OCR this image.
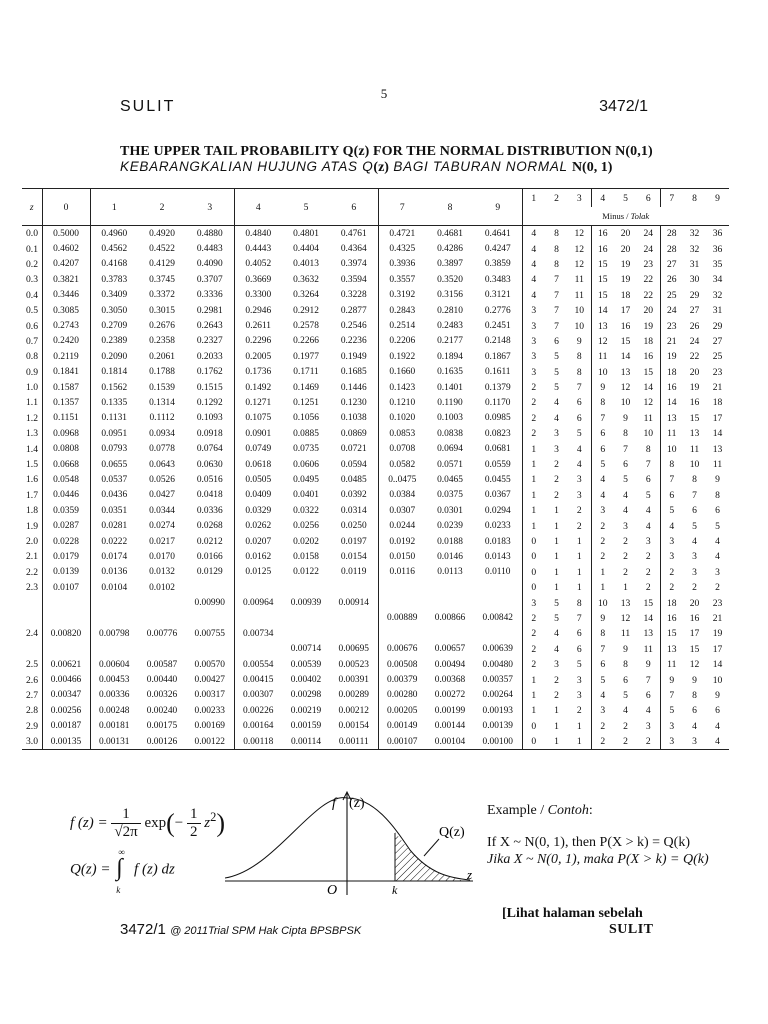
5
SULIT	3472/1
THE UPPER TAIL PROBABILITY Q(z) FOR THE NORMAL DISTRIBUTION N(0,1)
KEBARANGKALIAN HUJUNG ATAS Q(z) BAGI TABURAN NORMAL N(0, 1)
z	0	1	2	3	4	5	6	7	8	9	1	2	3	4	5	6	7	8	9
											Minus / Tolak								
0.0	0.5000	0.4960	0.4920	0.4880	0.4840	0.4801	0.4761	0.4721	0.4681	0.4641	4	8	12	16	20	24	28	32	36
0.1	0.4602	0.4562	0.4522	0.4483	0.4443	0.4404	0.4364	0.4325	0.4286	0.4247	4	8	12	16	20	24	28	32	36
0.2	0.4207	0.4168	0.4129	0.4090	0.4052	0.4013	0.3974	0.3936	0.3897	0.3859	4	8	12	15	19	23	27	31	35
0.3	0.3821	0.3783	0.3745	0.3707	0.3669	0.3632	0.3594	0.3557	0.3520	0.3483	4	7	11	15	19	22	26	30	34
0.4	0.3446	0.3409	0.3372	0.3336	0.3300	0.3264	0.3228	0.3192	0.3156	0.3121	4	7	11	15	18	22	25	29	32
0.5	0.3085	0.3050	0.3015	0.2981	0.2946	0.2912	0.2877	0.2843	0.2810	0.2776	3	7	10	14	17	20	24	27	31
0.6	0.2743	0.2709	0.2676	0.2643	0.2611	0.2578	0.2546	0.2514	0.2483	0.2451	3	7	10	13	16	19	23	26	29
0.7	0.2420	0.2389	0.2358	0.2327	0.2296	0.2266	0.2236	0.2206	0.2177	0.2148	3	6	9	12	15	18	21	24	27
0.8	0.2119	0.2090	0.2061	0.2033	0.2005	0.1977	0.1949	0.1922	0.1894	0.1867	3	5	8	11	14	16	19	22	25
0.9	0.1841	0.1814	0.1788	0.1762	0.1736	0.1711	0.1685	0.1660	0.1635	0.1611	3	5	8	10	13	15	18	20	23
1.0	0.1587	0.1562	0.1539	0.1515	0.1492	0.1469	0.1446	0.1423	0.1401	0.1379	2	5	7	9	12	14	16	19	21
1.1	0.1357	0.1335	0.1314	0.1292	0.1271	0.1251	0.1230	0.1210	0.1190	0.1170	2	4	6	8	10	12	14	16	18
1.2	0.1151	0.1131	0.1112	0.1093	0.1075	0.1056	0.1038	0.1020	0.1003	0.0985	2	4	6	7	9	11	13	15	17
1.3	0.0968	0.0951	0.0934	0.0918	0.0901	0.0885	0.0869	0.0853	0.0838	0.0823	2	3	5	6	8	10	11	13	14
1.4	0.0808	0.0793	0.0778	0.0764	0.0749	0.0735	0.0721	0.0708	0.0694	0.0681	1	3	4	6	7	8	10	11	13
1.5	0.0668	0.0655	0.0643	0.0630	0.0618	0.0606	0.0594	0.0582	0.0571	0.0559	1	2	4	5	6	7	8	10	11
1.6	0.0548	0.0537	0.0526	0.0516	0.0505	0.0495	0.0485	0..0475	0.0465	0.0455	1	2	3	4	5	6	7	8	9
1.7	0.0446	0.0436	0.0427	0.0418	0.0409	0.0401	0.0392	0.0384	0.0375	0.0367	1	2	3	4	4	5	6	7	8
1.8	0.0359	0.0351	0.0344	0.0336	0.0329	0.0322	0.0314	0.0307	0.0301	0.0294	1	1	2	3	4	4	5	6	6
1.9	0.0287	0.0281	0.0274	0.0268	0.0262	0.0256	0.0250	0.0244	0.0239	0.0233	1	1	2	2	3	4	4	5	5
2.0	0.0228	0.0222	0.0217	0.0212	0.0207	0.0202	0.0197	0.0192	0.0188	0.0183	0	1	1	2	2	3	3	4	4
2.1	0.0179	0.0174	0.0170	0.0166	0.0162	0.0158	0.0154	0.0150	0.0146	0.0143	0	1	1	2	2	2	3	3	4
2.2	0.0139	0.0136	0.0132	0.0129	0.0125	0.0122	0.0119	0.0116	0.0113	0.0110	0	1	1	1	2	2	2	3	3
2.3	0.0107	0.0104	0.0102								0	1	1	1	1	2	2	2	2
				0.00990	0.00964	0.00939	0.00914				3	5	8	10	13	15	18	20	23
								0.00889	0.00866	0.00842	2	5	7	9	12	14	16	16	21
2.4	0.00820	0.00798	0.00776	0.00755	0.00734						2	4	6	8	11	13	15	17	19
						0.00714	0.00695	0.00676	0.00657	0.00639	2	4	6	7	9	11	13	15	17
2.5	0.00621	0.00604	0.00587	0.00570	0.00554	0.00539	0.00523	0.00508	0.00494	0.00480	2	3	5	6	8	9	11	12	14
2.6	0.00466	0.00453	0.00440	0.00427	0.00415	0.00402	0.00391	0.00379	0.00368	0.00357	1	2	3	5	6	7	9	9	10
2.7	0.00347	0.00336	0.00326	0.00317	0.00307	0.00298	0.00289	0.00280	0.00272	0.00264	1	2	3	4	5	6	7	8	9
2.8	0.00256	0.00248	0.00240	0.00233	0.00226	0.00219	0.00212	0.00205	0.00199	0.00193	1	1	2	3	4	4	5	6	6
2.9	0.00187	0.00181	0.00175	0.00169	0.00164	0.00159	0.00154	0.00149	0.00144	0.00139	0	1	1	2	2	3	3	4	4
3.0	0.00135	0.00131	0.00126	0.00122	0.00118	0.00114	0.00111	0.00107	0.00104	0.00100	0	1	1	2	2	2	3	3	4
f $(z) = \frac{1}{√2\pi} \exp(- \frac{1}{2} z^2)$
Q(z) =
∞
∫
k
f (z) dz
f (z)
Q(z)
O	k
z
Example / Contoh:
If X ~ N(0, 1), then P(X > k) = Q(k)
Jika X ~ N(0, 1), maka P(X > k) = Q(k)
[Lihat halaman sebelah
3472/1 @ 2011Trial SPM Hak Cipta BPSBPSK	SULIT
